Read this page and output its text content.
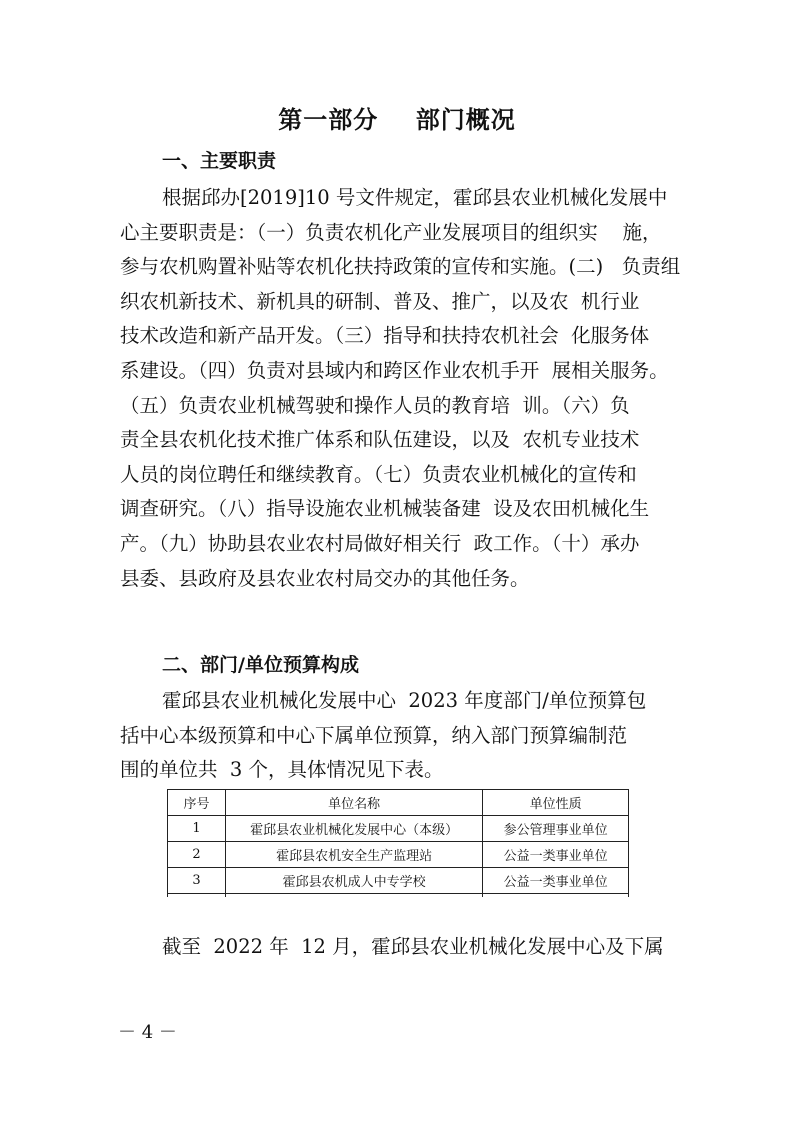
第一部分    部门概况
一、主要职责
根据邱办[2019]10 号文件规定，霍邱县农业机械化发展中
心主要职责是：（一）负责农机化产业发展项目的组织实    施，
参与农机购置补贴等农机化扶持政策的宣传和实施。(二)   负责组
织农机新技术、新机具的研制、普及、推广，以及农  机行业
技术改造和新产品开发。（三）指导和扶持农机社会  化服务体
系建设。（四）负责对县域内和跨区作业农机手开  展相关服务。
（五）负责农业机械驾驶和操作人员的教育培  训。（六）负
责全县农机化技术推广体系和队伍建设，以及  农机专业技术
人员的岗位聘任和继续教育。（七）负责农业机械化的宣传和
调查研究。（八）指导设施农业机械装备建  设及农田机械化生
产。（九）协助县农业农村局做好相关行  政工作。（十）承办
县委、县政府及县农业农村局交办的其他任务。
二、部门/单位预算构成
霍邱县农业机械化发展中心  2023 年度部门/单位预算包
括中心本级预算和中心下属单位预算，纳入部门预算编制范
围的单位共  3 个，具体情况见下表。
序号	单位名称	单位性质
1	霍邱县农业机械化发展中心（本级）	参公管理事业单位
2	霍邱县农机安全生产监理站	公益一类事业单位
3	霍邱县农机成人中专学校	公益一类事业单位

截至  2022 年  12 月，霍邱县农业机械化发展中心及下属
－ 4 －
